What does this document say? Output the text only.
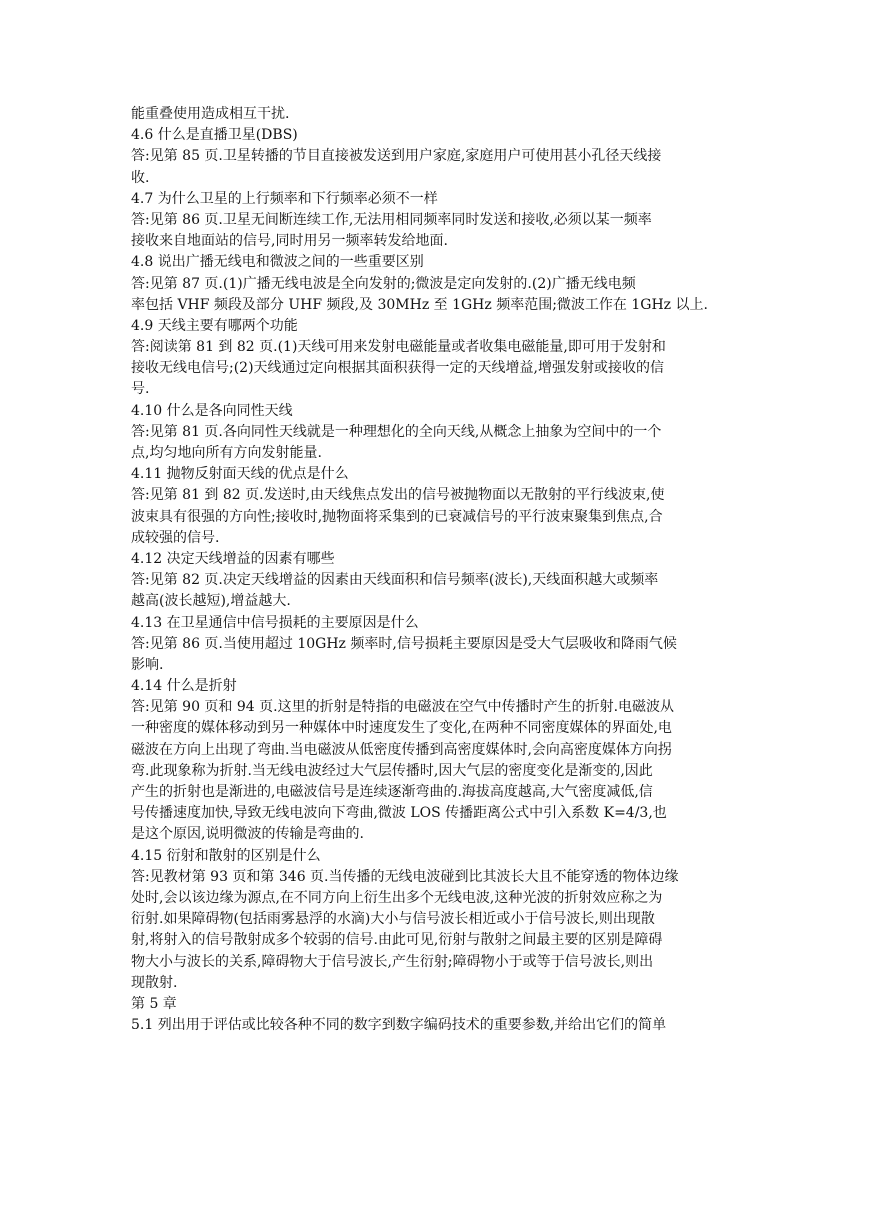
能重叠使用造成相互干扰.
4.6 什么是直播卫星(DBS)
答:见第 85 页.卫星转播的节目直接被发送到用户家庭,家庭用户可使用甚小孔径天线接
收.
4.7 为什么卫星的上行频率和下行频率必须不一样
答:见第 86 页.卫星无间断连续工作,无法用相同频率同时发送和接收,必须以某一频率
接收来自地面站的信号,同时用另一频率转发给地面.
4.8 说出广播无线电和微波之间的一些重要区别
答:见第 87 页.(1)广播无线电波是全向发射的;微波是定向发射的.(2)广播无线电频
率包括 VHF 频段及部分 UHF 频段,及 30MHz 至 1GHz 频率范围;微波工作在 1GHz 以上.
4.9 天线主要有哪两个功能
答:阅读第 81 到 82 页.(1)天线可用来发射电磁能量或者收集电磁能量,即可用于发射和
接收无线电信号;(2)天线通过定向根据其面积获得一定的天线增益,增强发射或接收的信
号.
4.10 什么是各向同性天线
答:见第 81 页.各向同性天线就是一种理想化的全向天线,从概念上抽象为空间中的一个
点,均匀地向所有方向发射能量.
4.11 抛物反射面天线的优点是什么
答:见第 81 到 82 页.发送时,由天线焦点发出的信号被抛物面以无散射的平行线波束,使
波束具有很强的方向性;接收时,抛物面将采集到的已衰减信号的平行波束聚集到焦点,合
成较强的信号.
4.12 决定天线增益的因素有哪些
答:见第 82 页.决定天线增益的因素由天线面积和信号频率(波长),天线面积越大或频率
越高(波长越短),增益越大.
4.13 在卫星通信中信号损耗的主要原因是什么
答:见第 86 页.当使用超过 10GHz 频率时,信号损耗主要原因是受大气层吸收和降雨气候
影响.
4.14 什么是折射
答:见第 90 页和 94 页.这里的折射是特指的电磁波在空气中传播时产生的折射.电磁波从
一种密度的媒体移动到另一种媒体中时速度发生了变化,在两种不同密度媒体的界面处,电
磁波在方向上出现了弯曲.当电磁波从低密度传播到高密度媒体时,会向高密度媒体方向拐
弯.此现象称为折射.当无线电波经过大气层传播时,因大气层的密度变化是渐变的,因此
产生的折射也是渐进的,电磁波信号是连续逐渐弯曲的.海拔高度越高,大气密度减低,信
号传播速度加快,导致无线电波向下弯曲,微波 LOS 传播距离公式中引入系数 K=4/3,也
是这个原因,说明微波的传输是弯曲的.
4.15 衍射和散射的区别是什么
答:见教材第 93 页和第 346 页.当传播的无线电波碰到比其波长大且不能穿透的物体边缘
处时,会以该边缘为源点,在不同方向上衍生出多个无线电波,这种光波的折射效应称之为
衍射.如果障碍物(包括雨雾悬浮的水滴)大小与信号波长相近或小于信号波长,则出现散
射,将射入的信号散射成多个较弱的信号.由此可见,衍射与散射之间最主要的区别是障碍
物大小与波长的关系,障碍物大于信号波长,产生衍射;障碍物小于或等于信号波长,则出
现散射.
第 5 章
5.1 列出用于评估或比较各种不同的数字到数字编码技术的重要参数,并给出它们的简单
